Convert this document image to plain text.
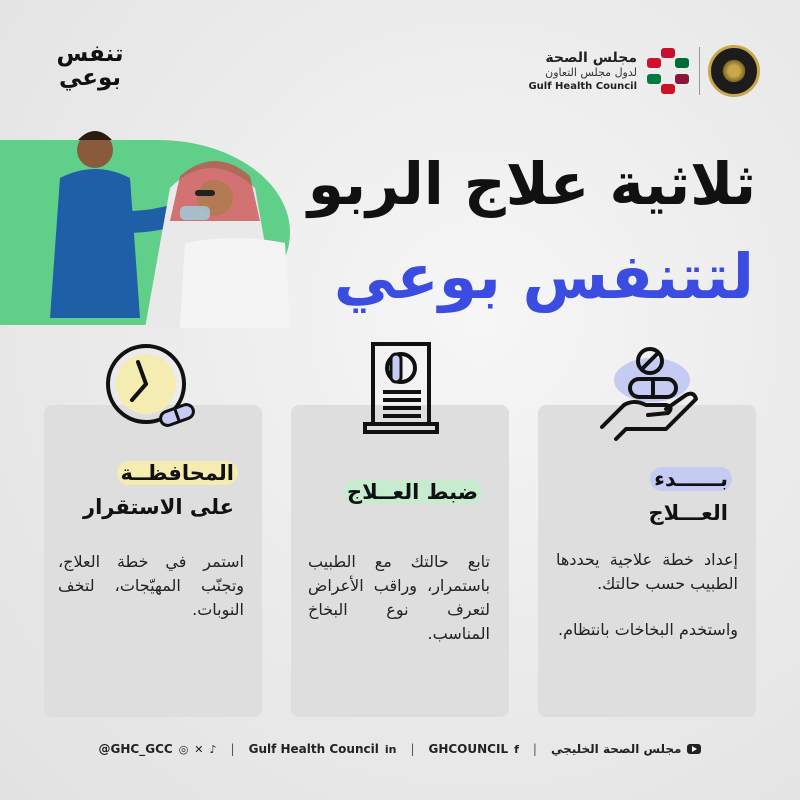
تنفس
بوعي
مجلس الصحة
لدول مجلس التعاون
Gulf Health Council
ثلاثية علاج الربو
لتتنفس بوعي
بــــــدء
العـــلاج
إعداد خطة علاجية يحددها الطبيب حسب حالتك.
واستخدم البخاخات بانتظام.
ضبط العــلاج
تابع حالتك مع الطبيب باستمرار، وراقب الأعراض لتعرف نوع البخاخ المناسب.
المحافظــة
على الاستقرار
استمر في خطة العلاج، وتجنّب المهيّجات، لتخف النوبات.
مجلس الصحة الخليجي
|
GHCOUNCIL f
|
Gulf Health Council in
|
@GHC_GCC ◎ ✕ ♪
